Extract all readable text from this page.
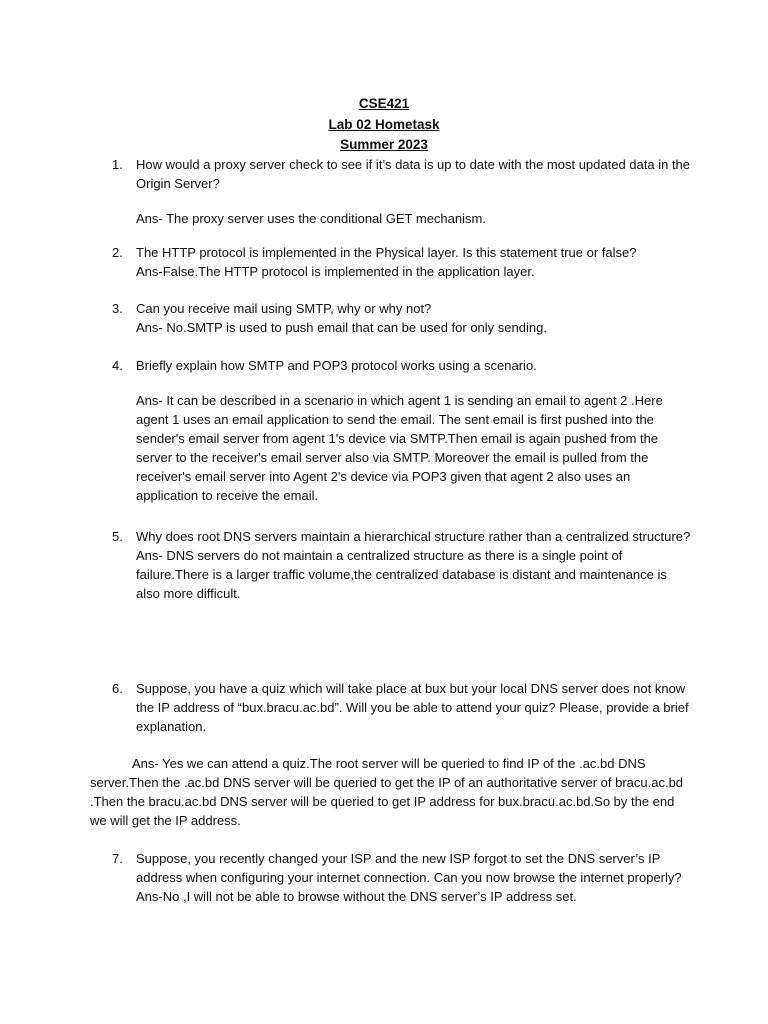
CSE421
Lab 02 Hometask
Summer 2023
1.	How would a proxy server check to see if it’s data is up to date with the most updated data in the Origin Server?

Ans- The proxy server uses the conditional GET mechanism.

2.	The HTTP protocol is implemented in the Physical layer. Is this statement true or false?

Ans-False.The HTTP protocol is implemented in the application layer.

3.	Can you receive mail using SMTP, why or why not?

Ans- No.SMTP is used to push email that can be used for only sending.

4.	Briefly explain how SMTP and POP3 protocol works using a scenario.

Ans- It can be described in a scenario in which agent 1 is sending an email to agent 2 .Here agent 1 uses an email application to send the email. The sent email is first pushed into the sender's email server from agent 1's device via SMTP.Then email is again pushed from the server to the receiver's email server also via SMTP. Moreover the email is pulled from the receiver's email server into Agent 2's device via POP3 given that agent 2 also uses an application to receive the email.

5.	Why does root DNS servers maintain a hierarchical structure rather than a centralized structure?

Ans- DNS servers do not maintain a centralized structure as there is a single point of failure.There is a larger traffic volume,the centralized database is distant and maintenance is also more difficult.

6.	Suppose, you have a quiz which will take place at bux but your local DNS server does not know the IP address of “bux.bracu.ac.bd”. Will you be able to attend your quiz? Please, provide a brief explanation.

Ans- Yes we can attend a quiz.The root server will be queried to find IP of the .ac.bd DNS server.Then the .ac.bd DNS server will be queried to get the IP of an authoritative server of bracu.ac.bd .Then the bracu.ac.bd DNS server will be queried to get IP address for bux.bracu.ac.bd.So by the end we will get the IP address.

7.	Suppose, you recently changed your ISP and the new ISP forgot to set the DNS server’s IP address when configuring your internet connection. Can you now browse the internet properly?

Ans-No ,I will not be able to browse without the DNS server’s IP address set.
